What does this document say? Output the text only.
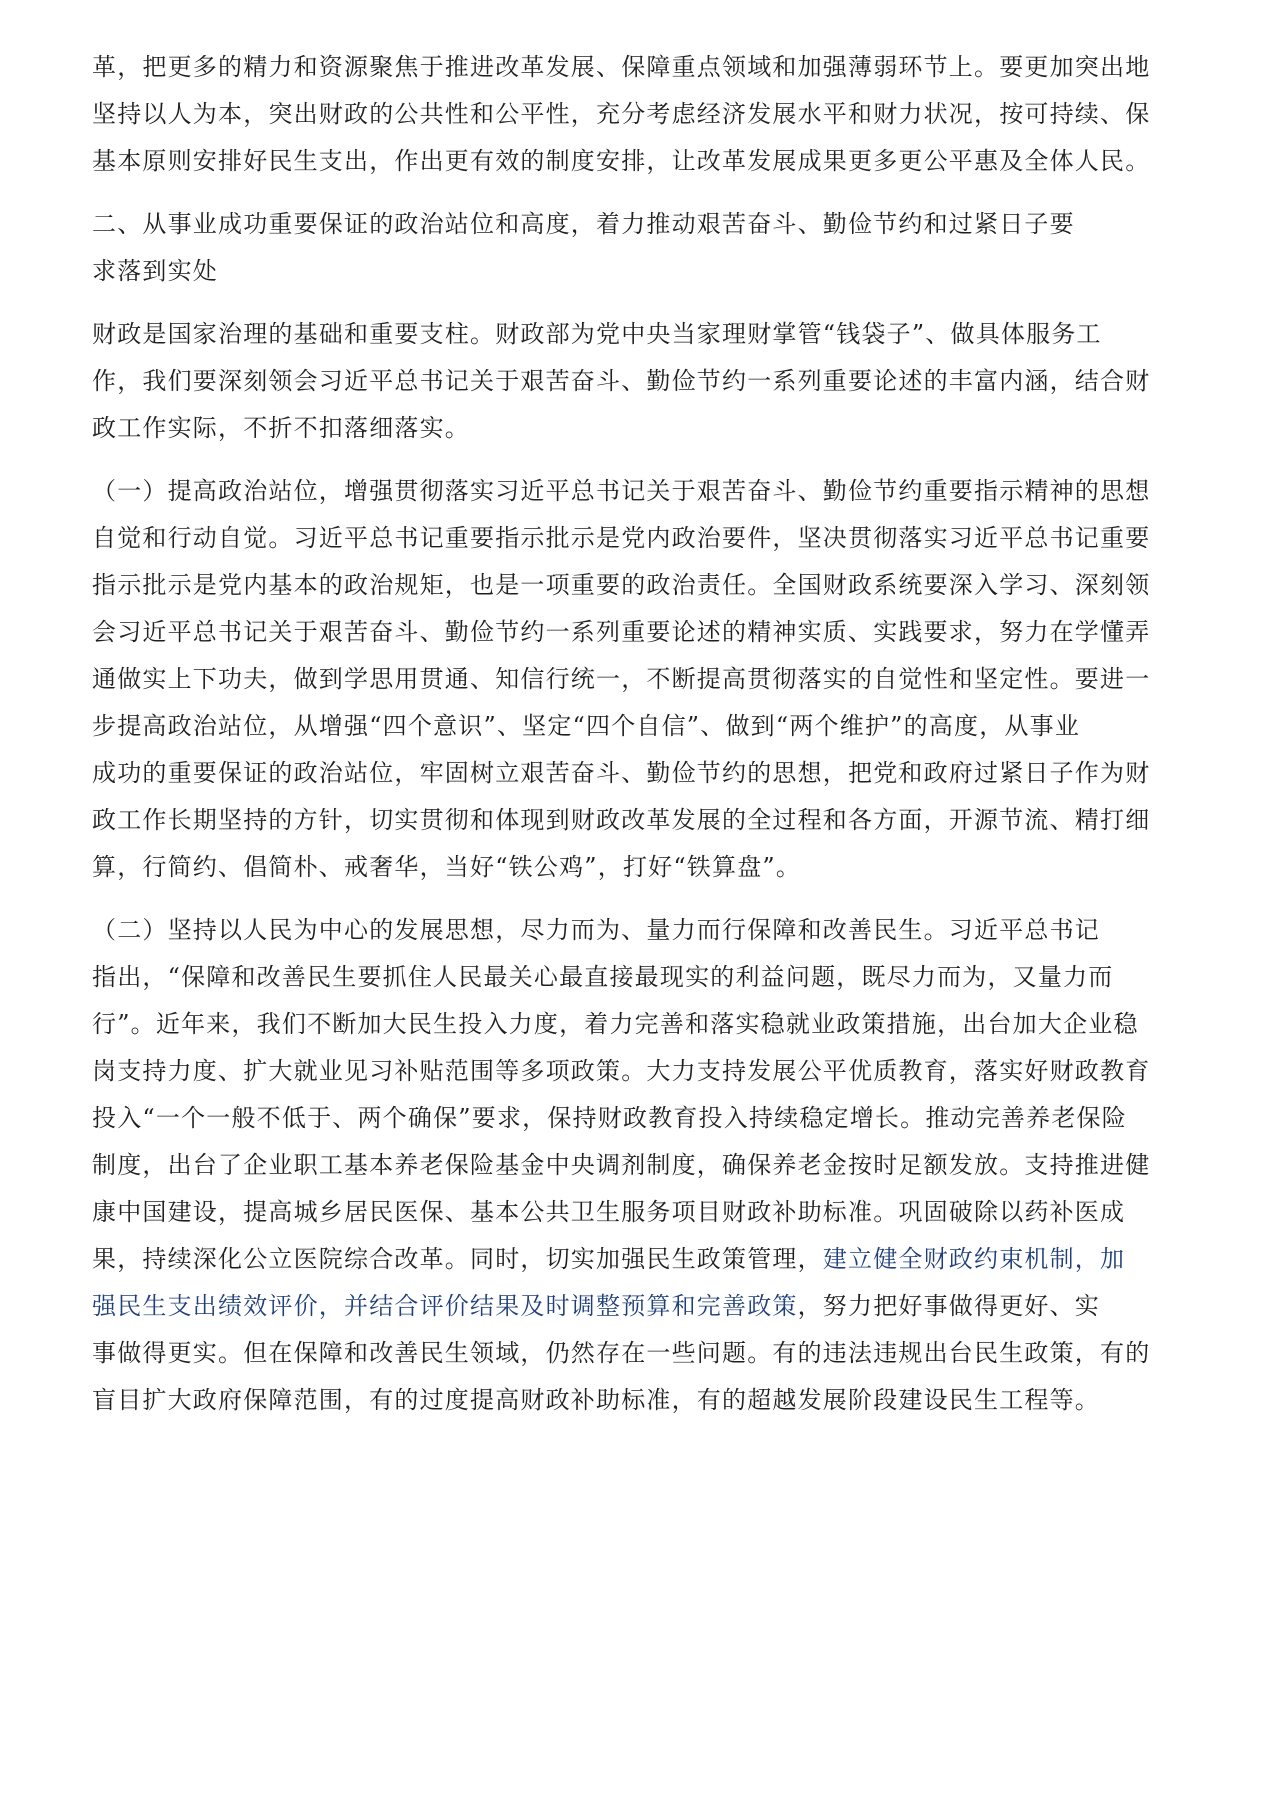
革，把更多的精力和资源聚焦于推进改革发展、保障重点领域和加强薄弱环节上。要更加突出地
坚持以人为本，突出财政的公共性和公平性，充分考虑经济发展水平和财力状况，按可持续、保
基本原则安排好民生支出，作出更有效的制度安排，让改革发展成果更多更公平惠及全体人民。
二、从事业成功重要保证的政治站位和高度，着力推动艰苦奋斗、勤俭节约和过紧日子要
求落到实处
财政是国家治理的基础和重要支柱。财政部为党中央当家理财掌管“钱袋子”、做具体服务工
作，我们要深刻领会习近平总书记关于艰苦奋斗、勤俭节约一系列重要论述的丰富内涵，结合财
政工作实际，不折不扣落细落实。
（一）提高政治站位，增强贯彻落实习近平总书记关于艰苦奋斗、勤俭节约重要指示精神的思想
自觉和行动自觉。习近平总书记重要指示批示是党内政治要件，坚决贯彻落实习近平总书记重要
指示批示是党内基本的政治规矩，也是一项重要的政治责任。全国财政系统要深入学习、深刻领
会习近平总书记关于艰苦奋斗、勤俭节约一系列重要论述的精神实质、实践要求，努力在学懂弄
通做实上下功夫，做到学思用贯通、知信行统一，不断提高贯彻落实的自觉性和坚定性。要进一
步提高政治站位，从增强“四个意识”、坚定“四个自信”、做到“两个维护”的高度，从事业
成功的重要保证的政治站位，牢固树立艰苦奋斗、勤俭节约的思想，把党和政府过紧日子作为财
政工作长期坚持的方针，切实贯彻和体现到财政改革发展的全过程和各方面，开源节流、精打细
算，行简约、倡简朴、戒奢华，当好“铁公鸡”，打好“铁算盘”。
（二）坚持以人民为中心的发展思想，尽力而为、量力而行保障和改善民生。习近平总书记
指出，“保障和改善民生要抓住人民最关心最直接最现实的利益问题，既尽力而为，又量力而
行”。近年来，我们不断加大民生投入力度，着力完善和落实稳就业政策措施，出台加大企业稳
岗支持力度、扩大就业见习补贴范围等多项政策。大力支持发展公平优质教育，落实好财政教育
投入“一个一般不低于、两个确保”要求，保持财政教育投入持续稳定增长。推动完善养老保险
制度，出台了企业职工基本养老保险基金中央调剂制度，确保养老金按时足额发放。支持推进健
康中国建设，提高城乡居民医保、基本公共卫生服务项目财政补助标准。巩固破除以药补医成
果，持续深化公立医院综合改革。同时，切实加强民生政策管理，建立健全财政约束机制，加
强民生支出绩效评价，并结合评价结果及时调整预算和完善政策，努力把好事做得更好、实
事做得更实。但在保障和改善民生领域，仍然存在一些问题。有的违法违规出台民生政策，有的
盲目扩大政府保障范围，有的过度提高财政补助标准，有的超越发展阶段建设民生工程等。
